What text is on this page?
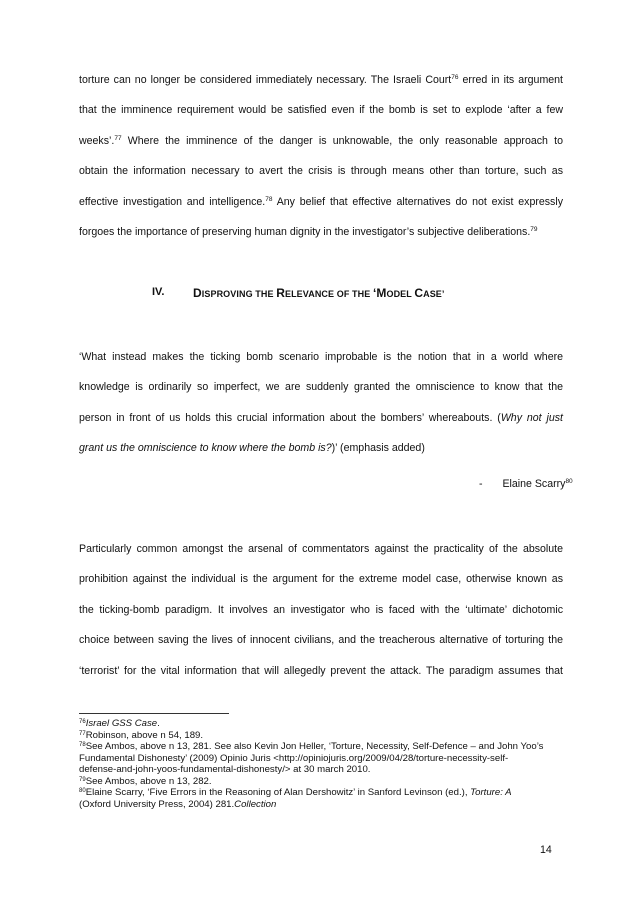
torture can no longer be considered immediately necessary. The Israeli Court$^{76}$ erred in its argument
that the imminence requirement would be satisfied even if the bomb is set to explode ‘after a few
weeks’.$^{77}$ Where the imminence of the danger is unknowable, the only reasonable approach to
obtain the information necessary to avert the crisis is through means other than torture, such as
effective investigation and intelligence.$^{78}$ Any belief that effective alternatives do not exist expressly
forgoes the importance of preserving human dignity in the investigator’s subjective deliberations.$^{79}$
IV. DISPROVING THE RELEVANCE OF THE ‘MODEL CASE’
‘What instead makes the ticking bomb scenario improbable is the notion that in a world where
knowledge is ordinarily so imperfect, we are suddenly granted the omniscience to know that the
person in front of us holds this crucial information about the bombers’ whereabouts. (Why not just
grant us the omniscience to know where the bomb is?)’ (emphasis added)
- Elaine Scarry$^{80}$
Particularly common amongst the arsenal of commentators against the practicality of the absolute
prohibition against the individual is the argument for the extreme model case, otherwise known as
the ticking-bomb paradigm. It involves an investigator who is faced with the ‘ultimate’ dichotomic
choice between saving the lives of innocent civilians, and the treacherous alternative of torturing the
‘terrorist’ for the vital information that will allegedly prevent the attack. The paradigm assumes that
$^{76}$Israel GSS Case.
$^{77}$Robinson, above n 54, 189.
$^{78}$See Ambos, above n 13, 281. See also Kevin Jon Heller, ‘Torture, Necessity, Self-Defence – and John Yoo’s
Fundamental Dishonesty’ (2009) Opinio Juris <http://opiniojuris.org/2009/04/28/torture-necessity-self-
defense-and-john-yoos-fundamental-dishonesty/> at 30 march 2010.
$^{79}$See Ambos, above n 13, 282.
$^{80}$Elaine Scarry, ‘Five Errors in the Reasoning of Alan Dershowitz’ in Sanford Levinson (ed.), Torture: A
(Oxford University Press, 2004) 281.Collection
14
